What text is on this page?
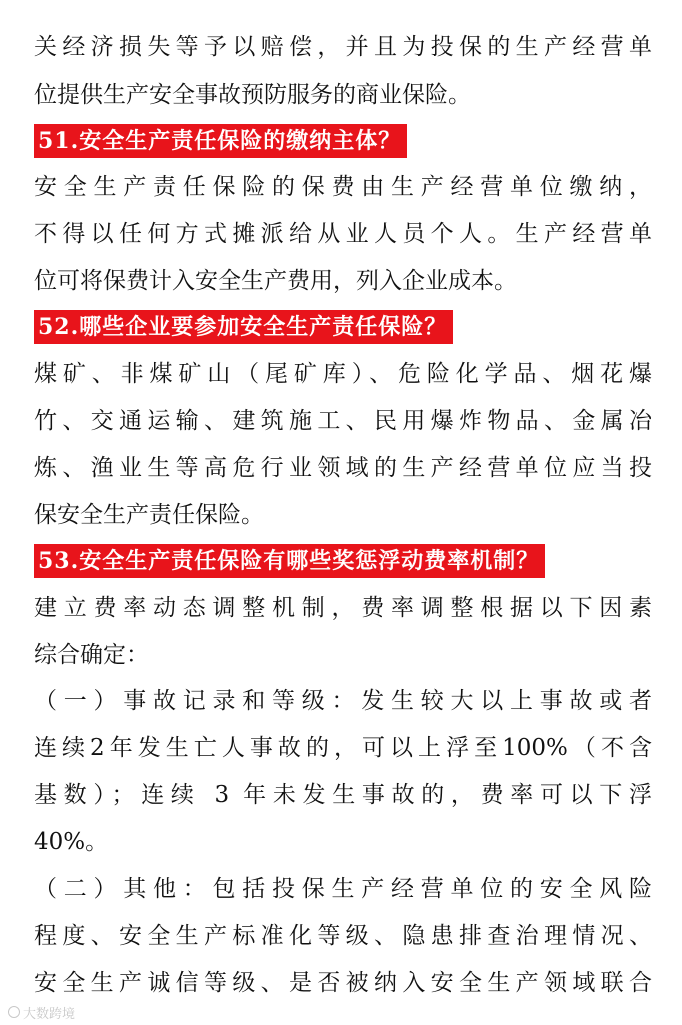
关经济损失等予以赔偿，并且为投保的生产经营单
位提供生产安全事故预防服务的商业保险。
51.安全生产责任保险的缴纳主体？
安全生产责任保险的保费由生产经营单位缴纳，
不得以任何方式摊派给从业人员个人。生产经营单
位可将保费计入安全生产费用，列入企业成本。
52.哪些企业要参加安全生产责任保险？
煤矿、非煤矿山（尾矿库）、危险化学品、烟花爆
竹、交通运输、建筑施工、民用爆炸物品、金属冶
炼、渔业生等高危行业领域的生产经营单位应当投
保安全生产责任保险。
53.安全生产责任保险有哪些奖惩浮动费率机制？
建立费率动态调整机制，费率调整根据以下因素
综合确定：
（一）事故记录和等级：发生较大以上事故或者
连续2年发生亡人事故的，可以上浮至100%（不含
基数）；连续 3 年未发生事故的，费率可以下浮
40%。
（二）其他：包括投保生产经营单位的安全风险
程度、安全生产标准化等级、隐患排查治理情况、
安全生产诚信等级、是否被纳入安全生产领域联合
大数跨境
